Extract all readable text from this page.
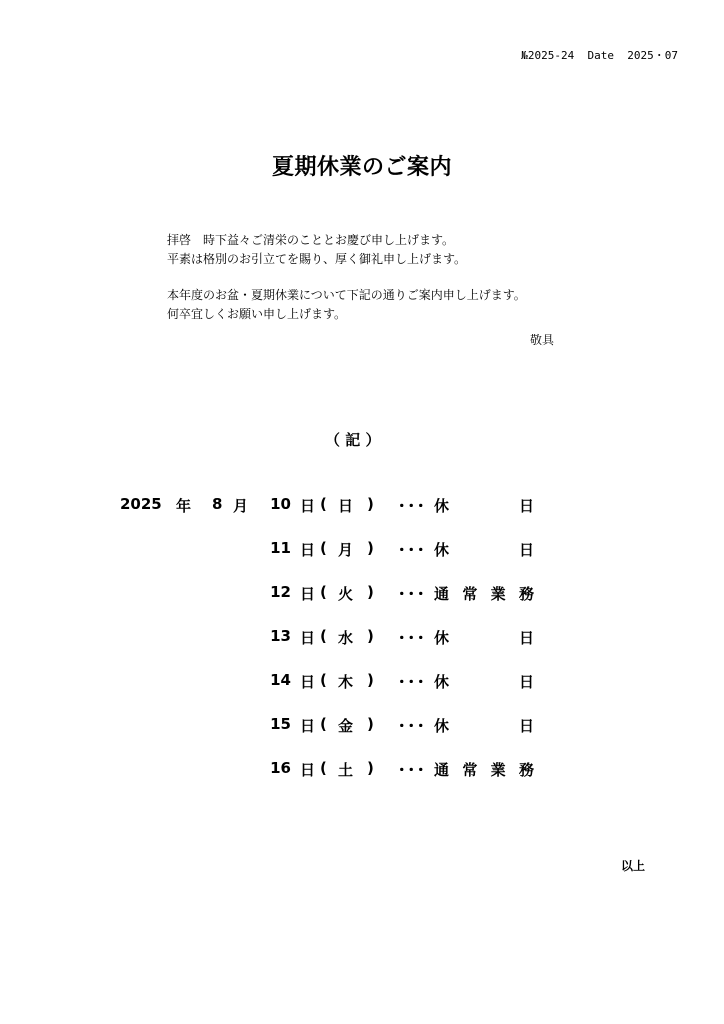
№2025-24 Date 2025・07
夏期休業のご案内
拝啓　時下益々ご清栄のこととお慶び申し上げます。
平素は格別のお引立てを賜り、厚く御礼申し上げます。
本年度のお盆・夏期休業について下記の通りご案内申し上げます。
何卒宜しくお願い申し上げます。
敬具
（ 記 ）
2025 年 8 月 10 日 ( 日 ) ･･･ 休	日
11 日 ( 月 ) ･･･ 休	日
12 日 ( 火 ) ･･･ 通 常 業 務
13 日 ( 水 ) ･･･ 休	日
14 日 ( 木 ) ･･･ 休	日
15 日 ( 金 ) ･･･ 休	日
16 日 ( 土 ) ･･･ 通 常 業 務
以上
